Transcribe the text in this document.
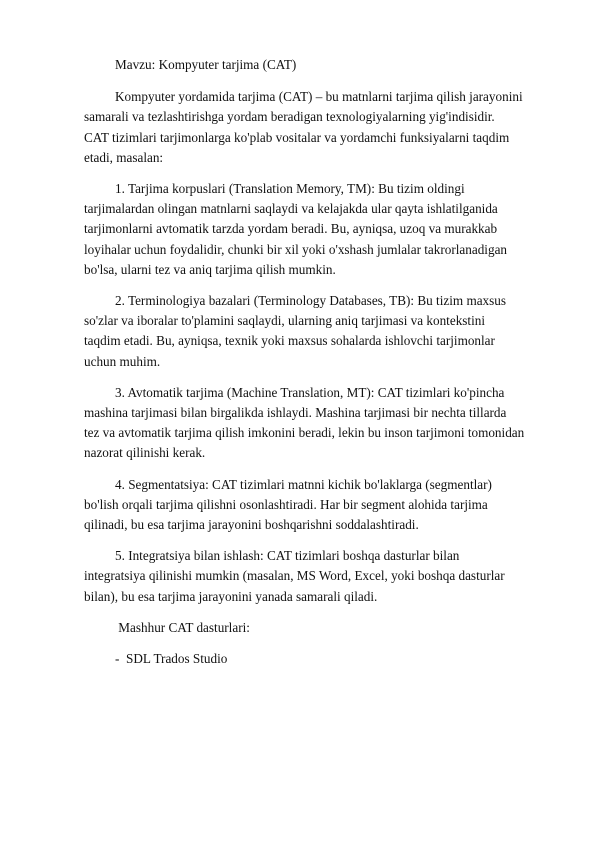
Mavzu: Kompyuter tarjima (CAT)

Kompyuter yordamida tarjima (CAT) – bu matnlarni tarjima qilish jarayonini
samarali va tezlashtirishga yordam beradigan texnologiyalarning yig'indisidir.
CAT tizimlari tarjimonlarga ko'plab vositalar va yordamchi funksiyalarni taqdim
etadi, masalan:

1. Tarjima korpuslari (Translation Memory, TM): Bu tizim oldingi
tarjimalardan olingan matnlarni saqlaydi va kelajakda ular qayta ishlatilganida
tarjimonlarni avtomatik tarzda yordam beradi. Bu, ayniqsa, uzoq va murakkab
loyihalar uchun foydalidir, chunki bir xil yoki o'xshash jumlalar takrorlanadigan
bo'lsa, ularni tez va aniq tarjima qilish mumkin.

2. Terminologiya bazalari (Terminology Databases, TB): Bu tizim maxsus
so'zlar va iboralar to'plamini saqlaydi, ularning aniq tarjimasi va kontekstini
taqdim etadi. Bu, ayniqsa, texnik yoki maxsus sohalarda ishlovchi tarjimonlar
uchun muhim.

3. Avtomatik tarjima (Machine Translation, MT): CAT tizimlari ko'pincha
mashina tarjimasi bilan birgalikda ishlaydi. Mashina tarjimasi bir nechta tillarda
tez va avtomatik tarjima qilish imkonini beradi, lekin bu inson tarjimoni tomonidan
nazorat qilinishi kerak.

4. Segmentatsiya: CAT tizimlari matnni kichik bo'laklarga (segmentlar)
bo'lish orqali tarjima qilishni osonlashtiradi. Har bir segment alohida tarjima
qilinadi, bu esa tarjima jarayonini boshqarishni soddalashtiradi.

5. Integratsiya bilan ishlash: CAT tizimlari boshqa dasturlar bilan
integratsiya qilinishi mumkin (masalan, MS Word, Excel, yoki boshqa dasturlar
bilan), bu esa tarjima jarayonini yanada samarali qiladi.

Mashhur CAT dasturlari:

-  SDL Trados Studio
